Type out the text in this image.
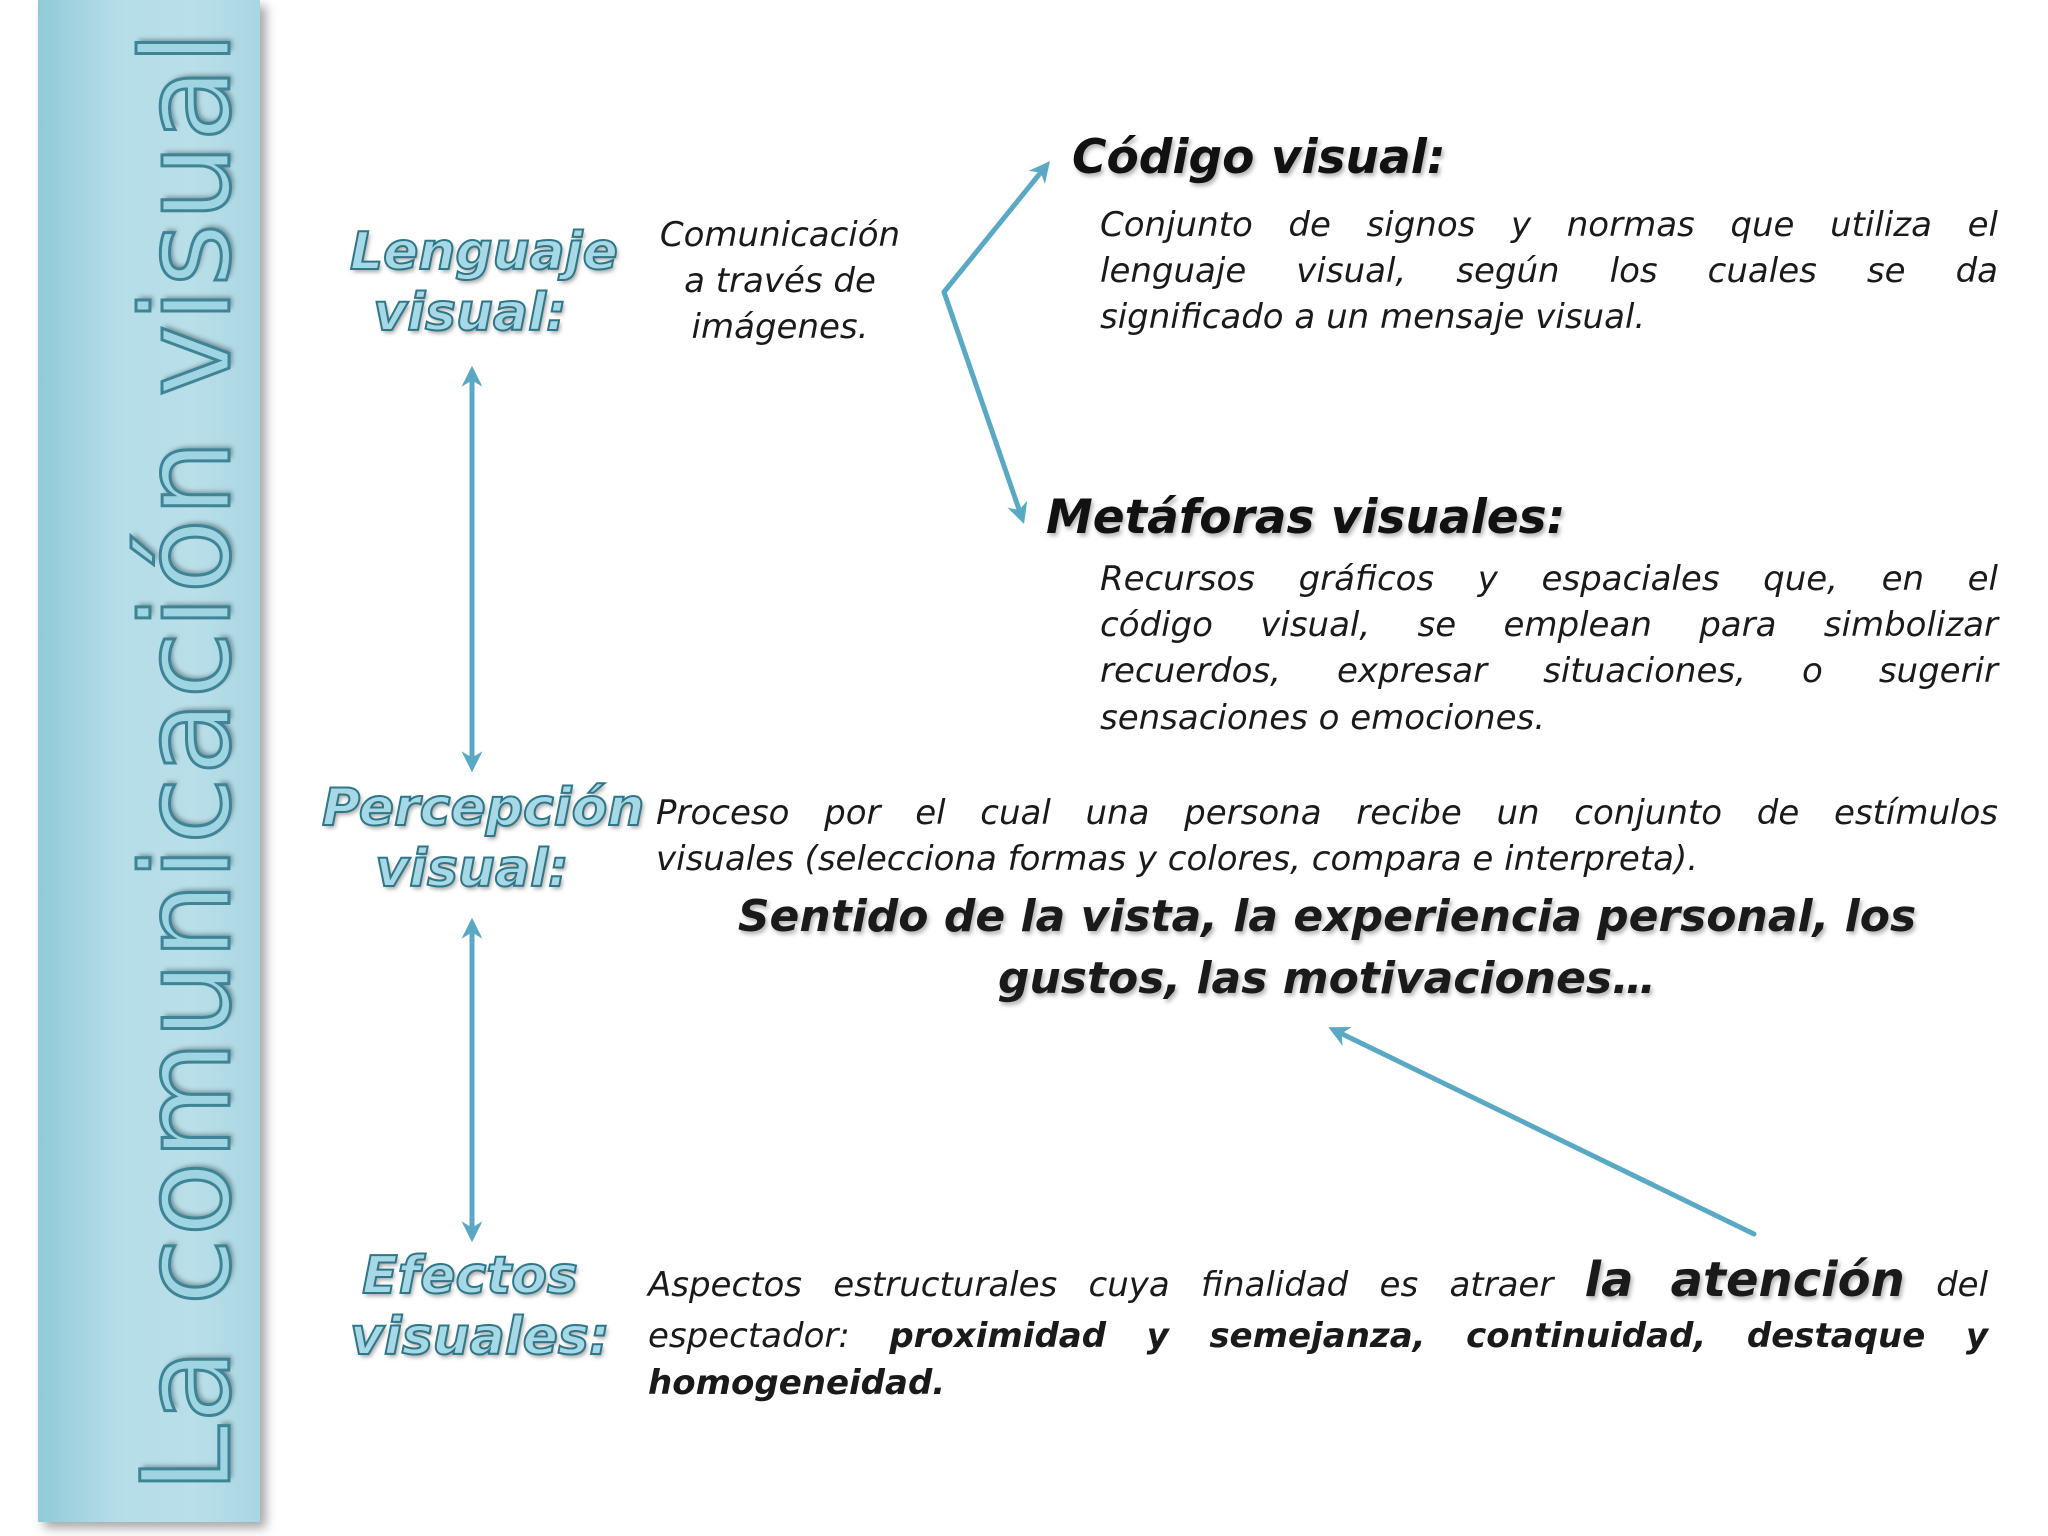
La comunicación visual Lenguaje
visual:
Percepción
visual:
Efectos
visuales:
Comunicación
a través de
imágenes.
Código visual:
Conjunto de signos y normas que utiliza el
lenguaje visual, según los cuales se da
significado a un mensaje visual.
Metáforas visuales:
Recursos gráficos y espaciales que, en el
código visual, se emplean para simbolizar
recuerdos, expresar situaciones, o sugerir
sensaciones o emociones.
Proceso por el cual una persona recibe un conjunto de estímulos
visuales (selecciona formas y colores, compara e interpreta).
Sentido de la vista, la experiencia personal, los
gustos, las motivaciones…
Aspectos estructurales cuya finalidad es atraer la atención del
espectador: proximidad y semejanza, continuidad, destaque y
homogeneidad.
